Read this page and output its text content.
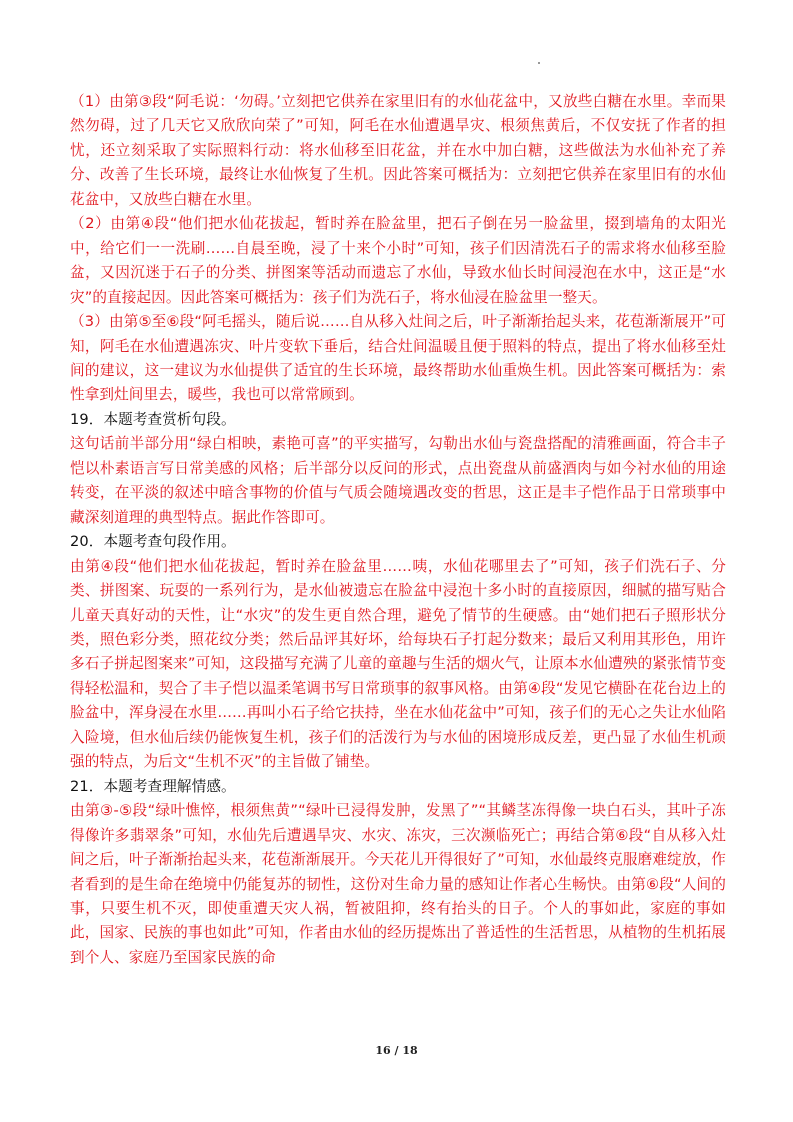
（1）由第③段“阿毛说：‘勿碍。’立刻把它供养在家里旧有的水仙花盆中，又放些白糖在水里。幸而果然勿碍，过了几天它又欣欣向荣了”可知，阿毛在水仙遭遇旱灾、根须焦黄后，不仅安抚了作者的担忧，还立刻采取了实际照料行动：将水仙移至旧花盆，并在水中加白糖，这些做法为水仙补充了养分、改善了生长环境，最终让水仙恢复了生机。因此答案可概括为：立刻把它供养在家里旧有的水仙花盆中，又放些白糖在水里。

（2）由第④段“他们把水仙花拔起，暂时养在脸盆里，把石子倒在另一脸盆里，掇到墙角的太阳光中，给它们一一洗刷……自晨至晚，浸了十来个小时”可知，孩子们因清洗石子的需求将水仙移至脸盆，又因沉迷于石子的分类、拼图案等活动而遗忘了水仙，导致水仙长时间浸泡在水中，这正是“水灾”的直接起因。因此答案可概括为：孩子们为洗石子，将水仙浸在脸盆里一整天。

（3）由第⑤至⑥段“阿毛摇头，随后说……自从移入灶间之后，叶子渐渐抬起头来，花苞渐渐展开”可知，阿毛在水仙遭遇冻灾、叶片变软下垂后，结合灶间温暖且便于照料的特点，提出了将水仙移至灶间的建议，这一建议为水仙提供了适宜的生长环境，最终帮助水仙重焕生机。因此答案可概括为：索性拿到灶间里去，暖些，我也可以常常顾到。

19．本题考查赏析句段。

这句话前半部分用“绿白相映，素艳可喜”的平实描写，勾勒出水仙与瓷盘搭配的清雅画面，符合丰子恺以朴素语言写日常美感的风格；后半部分以反问的形式，点出瓷盘从前盛酒肉与如今衬水仙的用途转变，在平淡的叙述中暗含事物的价值与气质会随境遇改变的哲思，这正是丰子恺作品于日常琐事中藏深刻道理的典型特点。据此作答即可。

20．本题考查句段作用。

由第④段“他们把水仙花拔起，暂时养在脸盆里……咦，水仙花哪里去了”可知，孩子们洗石子、分类、拼图案、玩耍的一系列行为，是水仙被遗忘在脸盆中浸泡十多小时的直接原因，细腻的描写贴合儿童天真好动的天性，让“水灾”的发生更自然合理，避免了情节的生硬感。由“她们把石子照形状分类，照色彩分类，照花纹分类；然后品评其好坏，给每块石子打起分数来；最后又利用其形色，用许多石子拼起图案来”可知，这段描写充满了儿童的童趣与生活的烟火气，让原本水仙遭殃的紧张情节变得轻松温和，契合了丰子恺以温柔笔调书写日常琐事的叙事风格。由第④段“发见它横卧在花台边上的脸盆中，浑身浸在水里……再叫小石子给它扶持，坐在水仙花盆中”可知，孩子们的无心之失让水仙陷入险境，但水仙后续仍能恢复生机，孩子们的活泼行为与水仙的困境形成反差，更凸显了水仙生机顽强的特点，为后文“生机不灭”的主旨做了铺垫。

21．本题考查理解情感。

由第③-⑤段“绿叶憔悴，根须焦黄”“绿叶已浸得发肿，发黑了”“其鳞茎冻得像一块白石头，其叶子冻得像许多翡翠条”可知，水仙先后遭遇旱灾、水灾、冻灾，三次濒临死亡；再结合第⑥段“自从移入灶间之后，叶子渐渐抬起头来，花苞渐渐展开。今天花儿开得很好了”可知，水仙最终克服磨难绽放，作者看到的是生命在绝境中仍能复苏的韧性，这份对生命力量的感知让作者心生畅快。由第⑥段“人间的事，只要生机不灭，即使重遭天灾人祸，暂被阻抑，终有抬头的日子。个人的事如此，家庭的事如此，国家、民族的事也如此”可知，作者由水仙的经历提炼出了普适性的生活哲思，从植物的生机拓展到个人、家庭乃至国家民族的命

16 / 18
